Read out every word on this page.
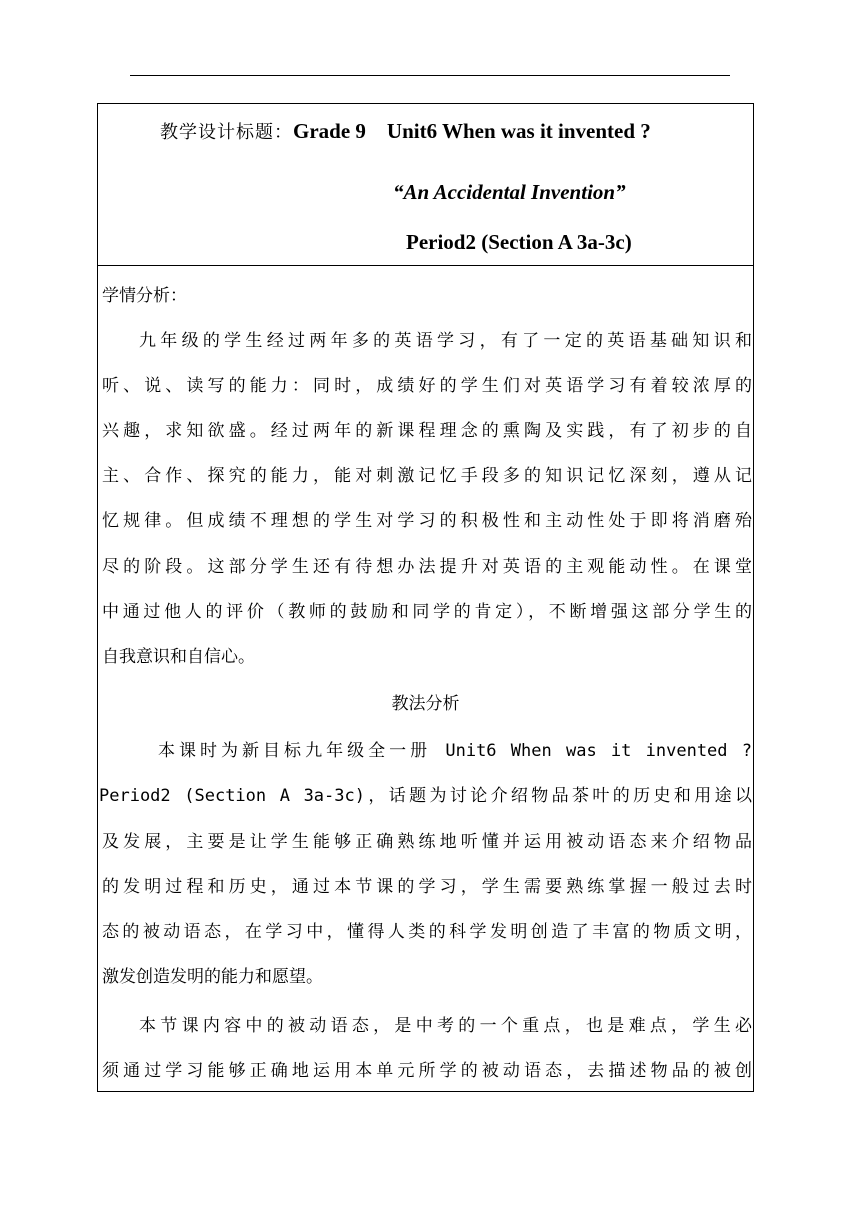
教学设计标题：Grade 9    Unit6 When was it invented ?
“An Accidental Invention”
Period2 (Section A 3a-3c)
学情分析：
九年级的学生经过两年多的英语学习，有了一定的英语基础知识和
听、说、读写的能力：同时，成绩好的学生们对英语学习有着较浓厚的
兴趣，求知欲盛。经过两年的新课程理念的熏陶及实践，有了初步的自
主、合作、探究的能力，能对刺激记忆手段多的知识记忆深刻，遵从记
忆规律。但成绩不理想的学生对学习的积极性和主动性处于即将消磨殆
尽的阶段。这部分学生还有待想办法提升对英语的主观能动性。在课堂
中通过他人的评价（教师的鼓励和同学的肯定），不断增强这部分学生的
自我意识和自信心。
教法分析
本课时为新目标九年级全一册 Unit6 When was it invented ?
Period2 (Section A 3a-3c)，话题为讨论介绍物品茶叶的历史和用途以
及发展，主要是让学生能够正确熟练地听懂并运用被动语态来介绍物品
的发明过程和历史，通过本节课的学习，学生需要熟练掌握一般过去时
态的被动语态，在学习中，懂得人类的科学发明创造了丰富的物质文明，
激发创造发明的能力和愿望。
本节课内容中的被动语态，是中考的一个重点，也是难点，学生必
须通过学习能够正确地运用本单元所学的被动语态，去描述物品的被创
